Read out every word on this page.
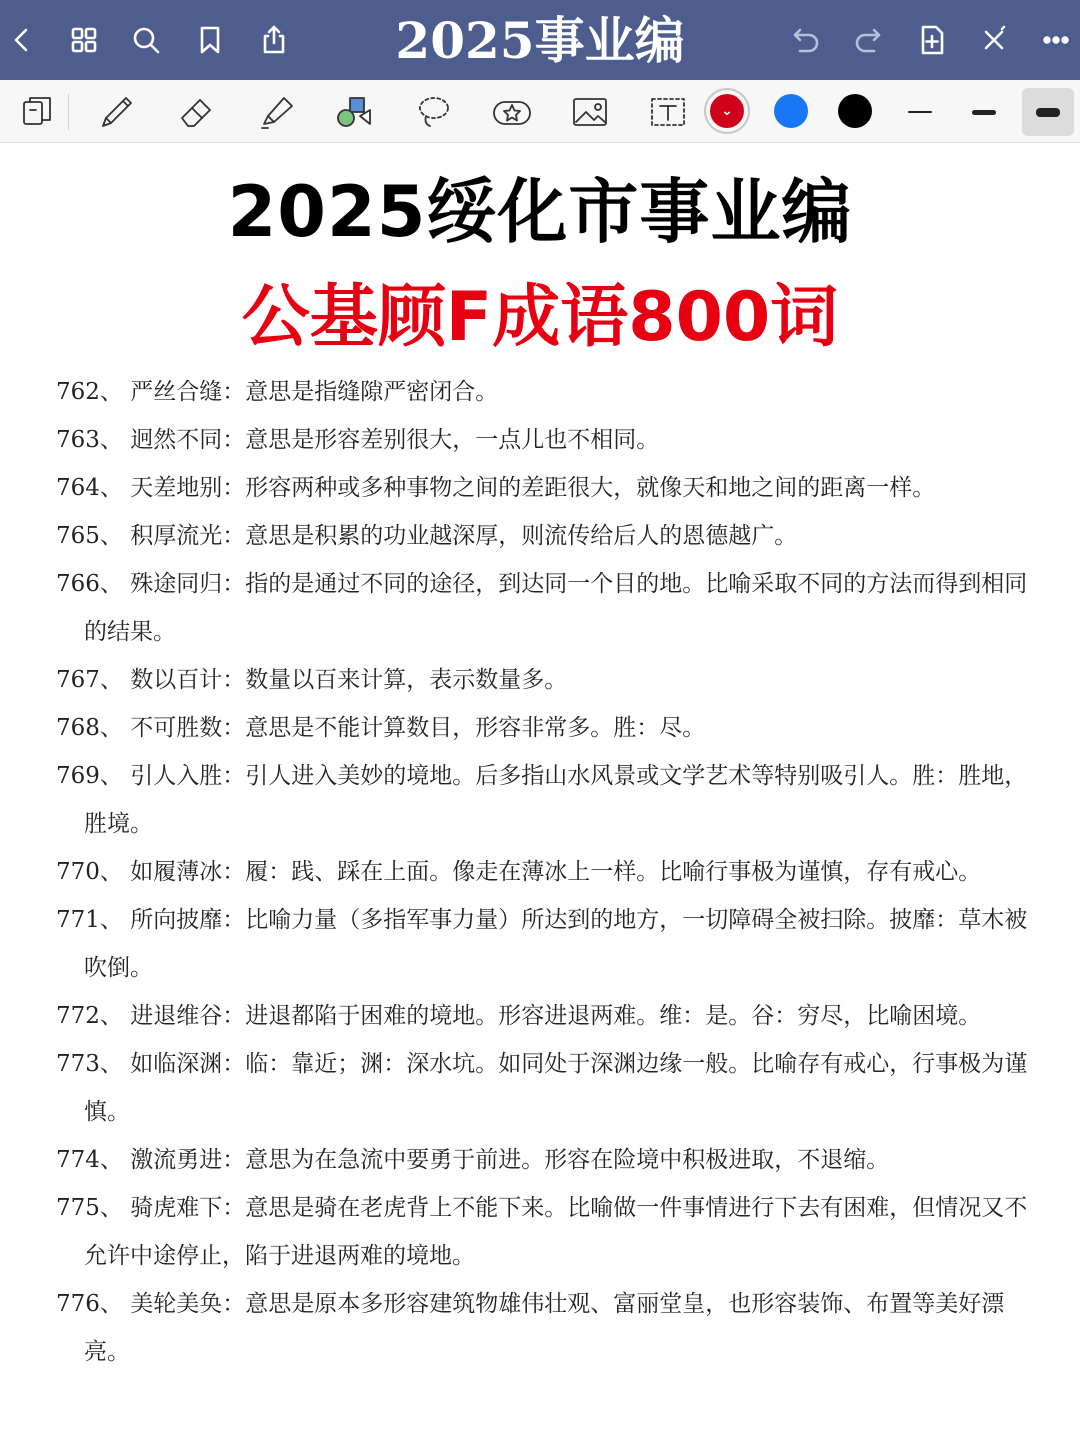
2025事业编
⌄
2025绥化市事业编
公基顾F成语800词
762、 严丝合缝：意思是指缝隙严密闭合。
763、 迥然不同：意思是形容差别很大，一点儿也不相同。
764、 天差地别：形容两种或多种事物之间的差距很大，就像天和地之间的距离一样。
765、 积厚流光：意思是积累的功业越深厚，则流传给后人的恩德越广。
766、 殊途同归：指的是通过不同的途径，到达同一个目的地。比喻采取不同的方法而得到相同的结果。
767、 数以百计：数量以百来计算，表示数量多。
768、 不可胜数：意思是不能计算数目，形容非常多。胜：尽。
769、 引人入胜：引人进入美妙的境地。后多指山水风景或文学艺术等特别吸引人。胜：胜地，胜境。
770、 如履薄冰：履：践、踩在上面。像走在薄冰上一样。比喻行事极为谨慎，存有戒心。
771、 所向披靡：比喻力量（多指军事力量）所达到的地方，一切障碍全被扫除。披靡：草木被吹倒。
772、 进退维谷：进退都陷于困难的境地。形容进退两难。维：是。谷：穷尽，比喻困境。
773、 如临深渊：临：靠近；渊：深水坑。如同处于深渊边缘一般。比喻存有戒心，行事极为谨慎。
774、 激流勇进：意思为在急流中要勇于前进。形容在险境中积极进取，不退缩。
775、 骑虎难下：意思是骑在老虎背上不能下来。比喻做一件事情进行下去有困难，但情况又不允许中途停止，陷于进退两难的境地。
776、 美轮美奂：意思是原本多形容建筑物雄伟壮观、富丽堂皇，也形容装饰、布置等美好漂亮。
